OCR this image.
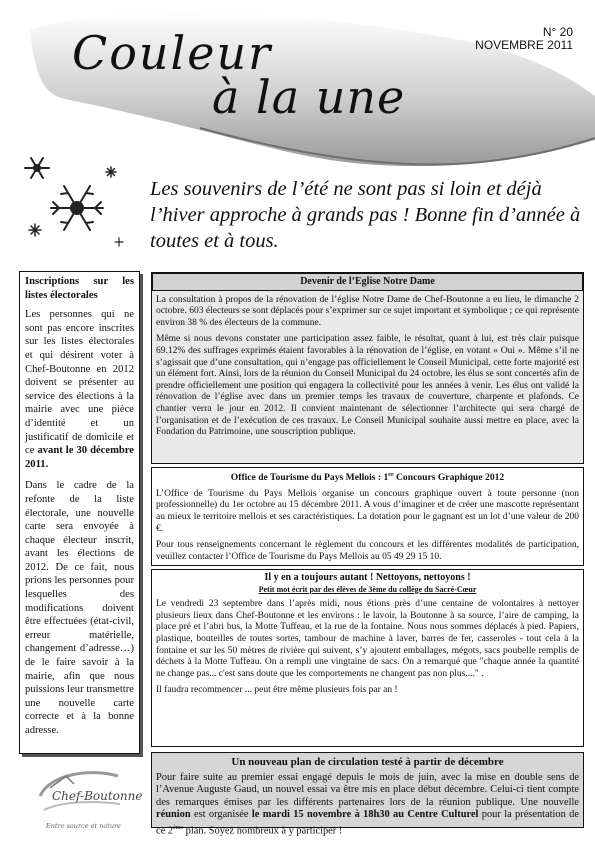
N° 20
NOVEMBRE 2011
Couleur
à la une
Les souvenirs de l’été ne sont pas si loin et déjà l’hiver approche à grands pas ! Bonne fin d’année à toutes et à tous.

Inscriptions sur les listes électorales

Les personnes qui ne sont pas encore inscrites sur les listes électorales et qui désirent voter à Chef-Boutonne en 2012 doivent se présenter au service des élections à la mairie avec une pièce d’identité et un justificatif de domicile et ce avant le 30 décembre 2011.

Dans le cadre de la refonte de la liste électorale, une nouvelle carte sera envoyée à chaque électeur inscrit, avant les élections de 2012. De ce fait, nous prions les personnes pour lesquelles des modifications doivent être effectuées (état-civil, erreur matérielle, changement d’adresse…) de le faire savoir à la mairie, afin que nous puissions leur transmettre une nouvelle carte correcte et à la bonne adresse.

Chef-Boutonne
Entre source et nature
Devenir de l’Eglise Notre Dame

La consultation à propos de la rénovation de l’église Notre Dame de Chef-Boutonne a eu lieu, le dimanche 2 octobre. 603 électeurs se sont déplacés pour s’exprimer sur ce sujet important et symbolique ; ce qui représente environ 38 % des électeurs de la commune.

Même si nous devons constater une participation assez faible, le résultat, quant à lui, est très clair puisque 69.12% des suffrages exprimés étaient favorables à la rénovation de l’église, en votant « Oui ». Même s’il ne s’agissait que d’une consultation, qui n’engage pas officiellement le Conseil Municipal, cette forte majorité est un élément fort. Ainsi, lors de la réunion du Conseil Municipal du 24 octobre, les élus se sont concertés afin de prendre officiellement une position qui engagera la collectivité pour les années à venir. Les élus ont validé la rénovation de l’église avec dans un premier temps les travaux de couverture, charpente et plafonds. Ce chantier verra le jour en 2012. Il convient maintenant de sélectionner l’architecte qui sera chargé de l’organisation et de l’exécution de ces travaux. Le Conseil Municipal souhaite aussi mettre en place, avec la Fondation du Patrimoine, une souscription publique.

Office de Tourisme du Pays Mellois : 1er Concours Graphique 2012

L’Office de Tourisme du Pays Mellois organise un concours graphique ouvert à toute personne (non professionnelle) du 1er octobre au 15 décembre 2011. A vous d’imaginer et de créer une mascotte représentant au mieux le territoire mellois et ses caractéristiques. La dotation pour le gagnant est un lot d’une valeur de 200 €.

Pour tous renseignements concernant le règlement du concours et les différentes modalités de participation, veuillez contacter l’Office de Tourisme du Pays Mellois au 05 49 29 15 10.

Il y en a toujours autant ! Nettoyons, nettoyons !
Petit mot écrit par des élèves de 3ème du collège du Sacré-Cœur

Le vendredi 23 septembre dans l’après midi, nous étions près d’une centaine de volontaires à nettoyer plusieurs lieux dans Chef-Boutonne et les environs : le lavoir, la Boutonne à sa source, l’aire de camping, la place pré et l’abri bus, la Motte Tuffeau, et la rue de la fontaine. Nous nous sommes déplacés à pied. Papiers, plastique, bouteilles de toutes sortes, tambour de machine à laver, barres de fer, casseroles - tout cela à la fontaine et sur les 50 mètres de rivière qui suivent, s’y ajoutent emballages, mégots, sacs poubelle remplis de déchets à la Motte Tuffeau. On a rempli une vingtaine de sacs. On a remarqué que "chaque année la quantité ne change pas... c'est sans doute que les comportements ne changent pas non plus...." .

Il faudra recommencer ... peut être même plusieurs fois par an !

Un nouveau plan de circulation testé à partir de décembre

Pour faire suite au premier essai engagé depuis le mois de juin, avec la mise en double sens de l’Avenue Auguste Gaud, un nouvel essai va être mis en place début décembre. Celui-ci tient compte des remarques émises par les différents partenaires lors de la réunion publique. Une nouvelle réunion est organisée le mardi 15 novembre à 18h30 au Centre Culturel pour la présentation de ce 2ème plan. Soyez nombreux à y participer !
